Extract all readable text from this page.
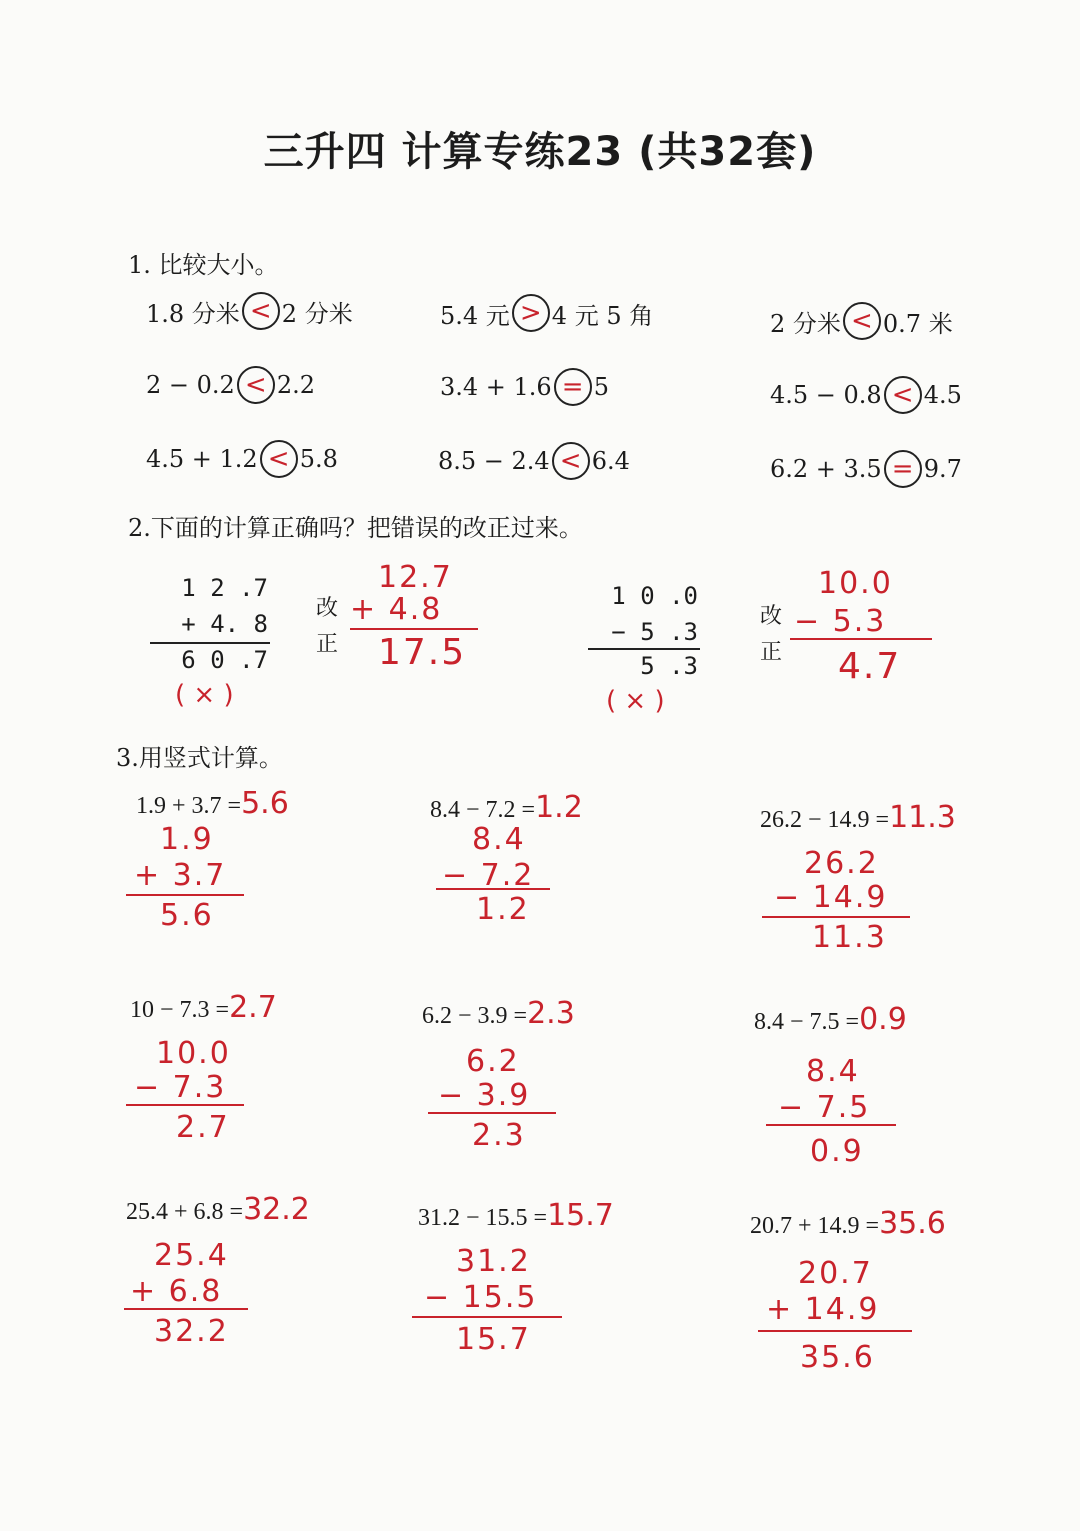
三升四 计算专练23 (共32套)
1. 比较大小。
1.8 分米 < 2 分米	5.4 元 > 4 元 5 角	2 分米 < 0.7 米
2 − 0.2 < 2.2	3.4 + 1.6 = 5	4.5 − 0.8 < 4.5
4.5 + 1.2 < 5.8	8.5 − 2.4 < 6.4	6.2 + 3.5 = 9.7
2.下面的计算正确吗？把错误的改正过来。
1 2 .7
+ 4. 8
6 0 .7
( × )
改
正
12.7
+ 4.8
17.5
1 0 .0
− 5 .3
5 .3
( × )
改
正
10.0
− 5.3
4.7
3.用竖式计算。
1.9 + 3.7 =5.6
1.9
+ 3.7
5.6
8.4 − 7.2 =1.2
8.4
− 7.2
1.2
26.2 − 14.9 =11.3
26.2
− 14.9
11.3
10 − 7.3 =2.7
10.0
− 7.3
2.7
6.2 − 3.9 =2.3
6.2
− 3.9
2.3
8.4 − 7.5 =0.9
8.4
− 7.5
0.9
25.4 + 6.8 =32.2
25.4
+ 6.8
32.2
31.2 − 15.5 =15.7
31.2
− 15.5
15.7
20.7 + 14.9 =35.6
20.7
+ 14.9
35.6
